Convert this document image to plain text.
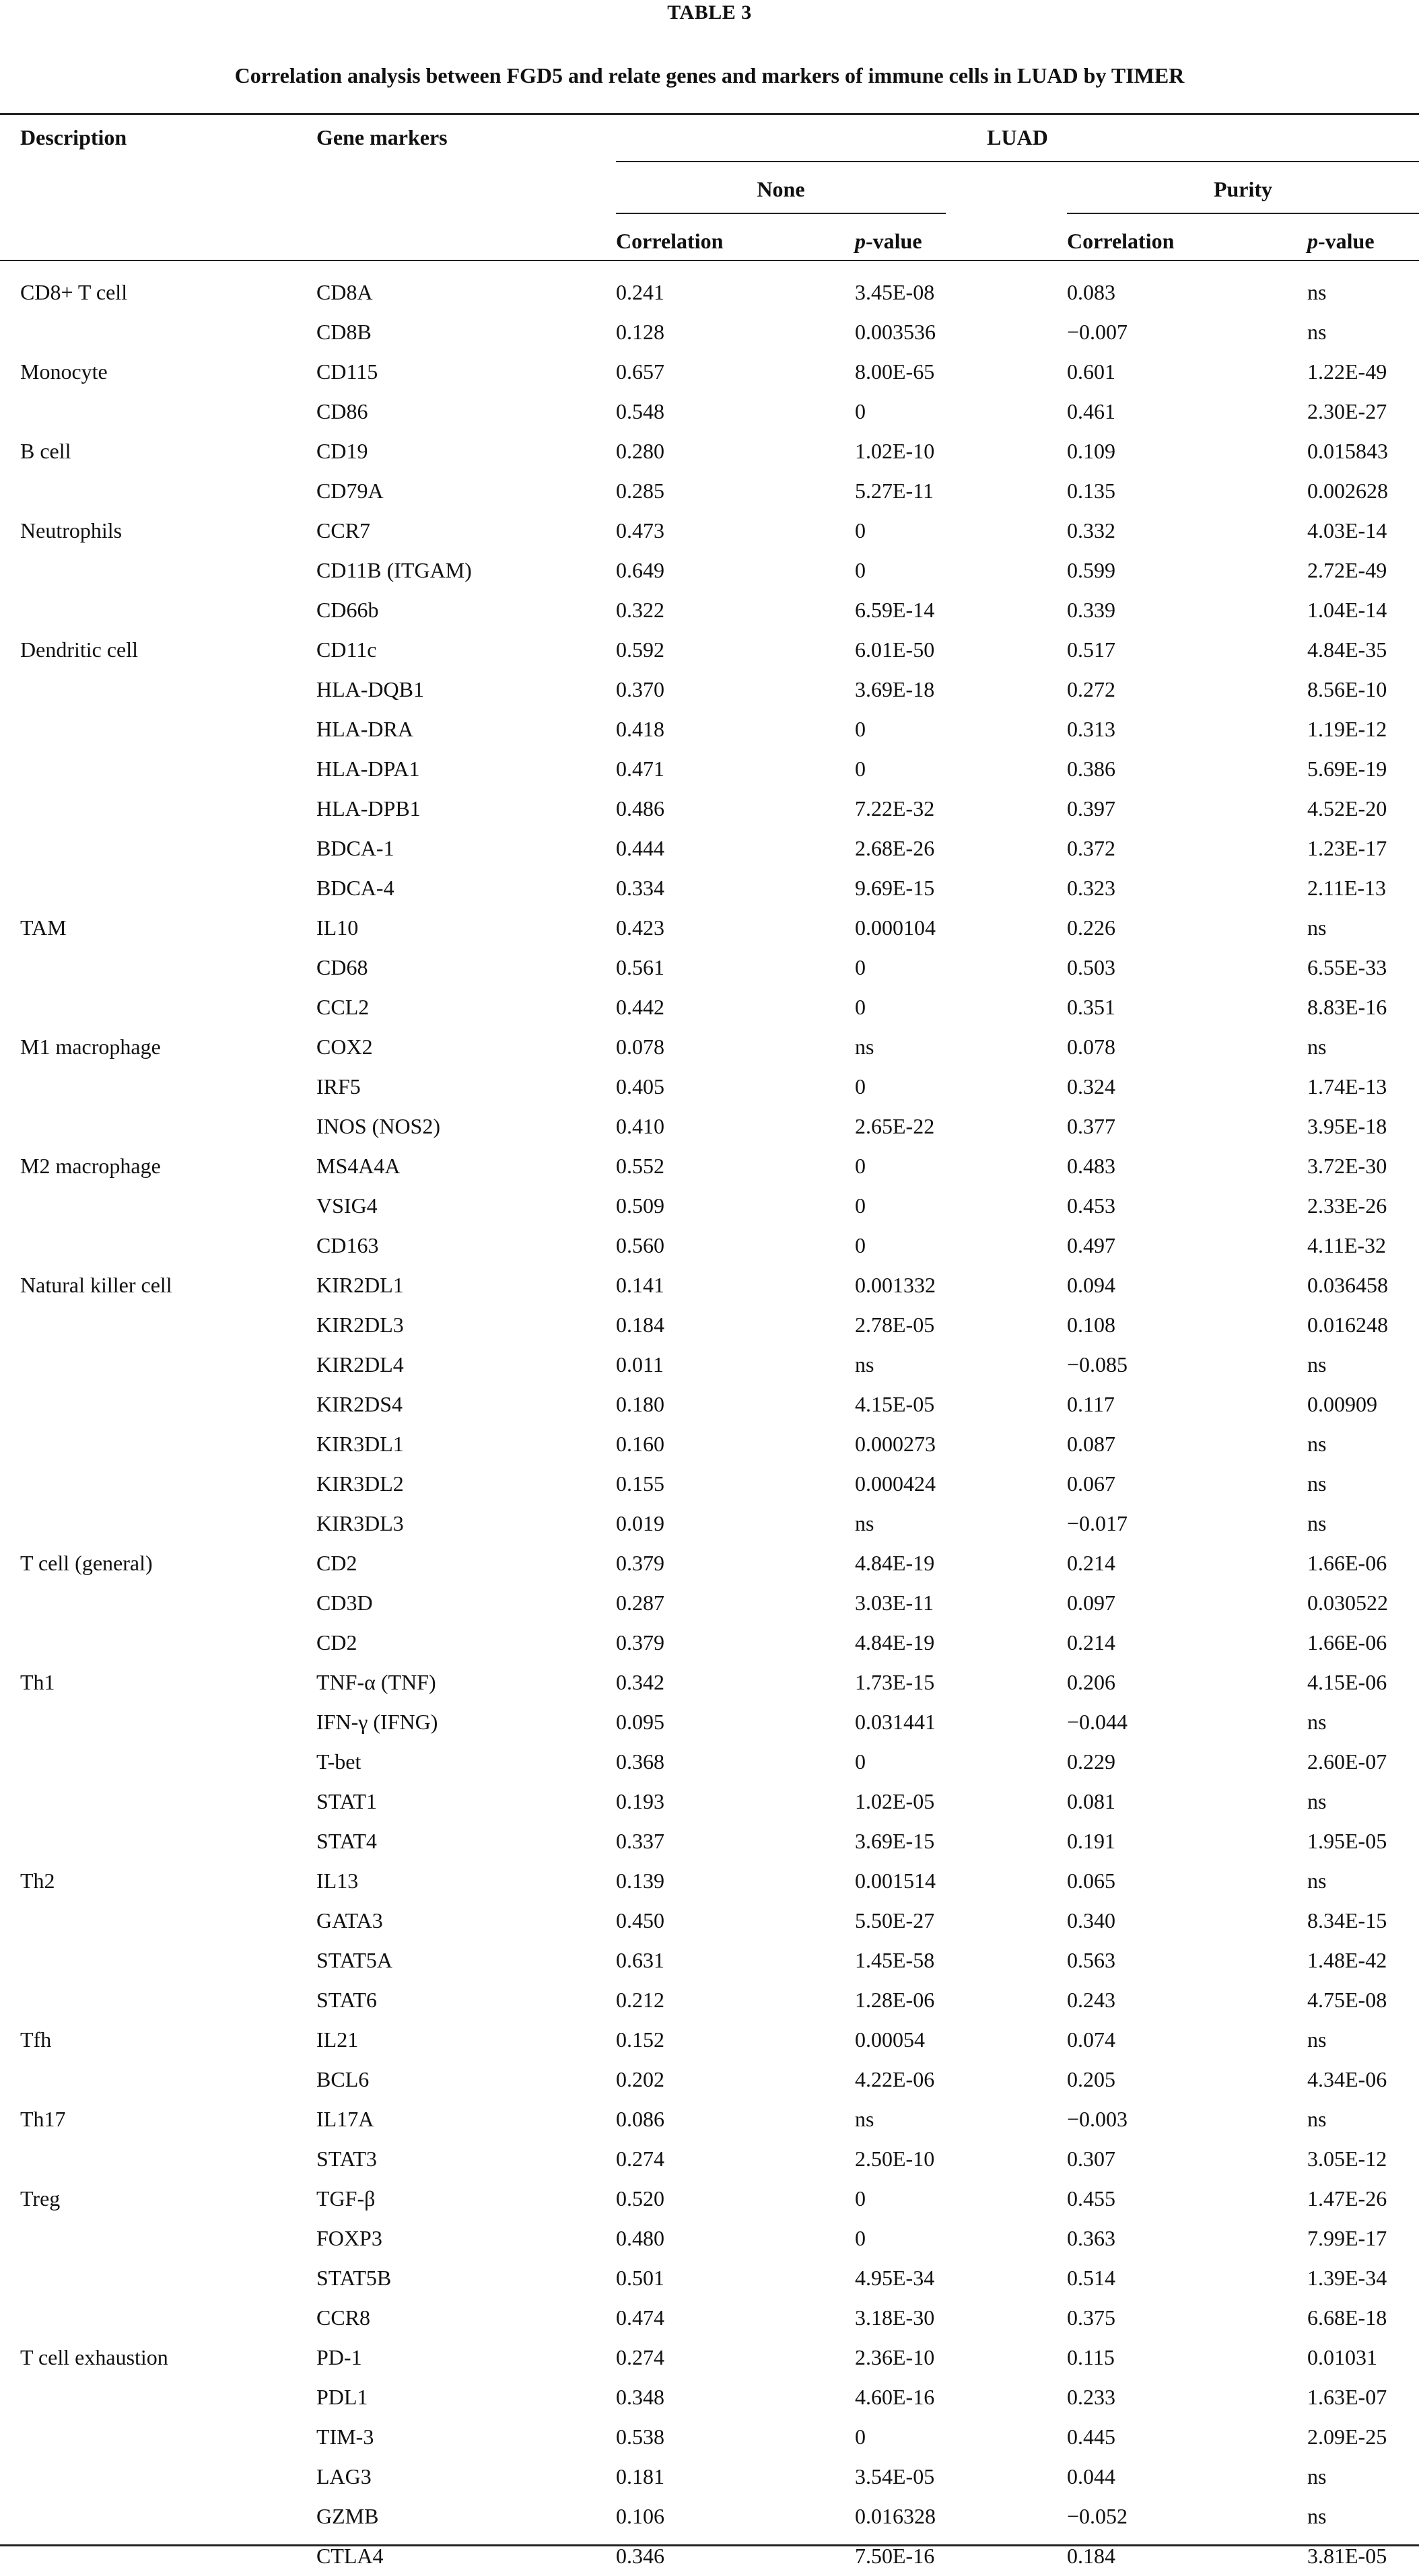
TABLE 3
Correlation analysis between FGD5 and relate genes and markers of immune cells in LUAD by TIMER
Description	Gene markers	LUAD
None	Purity
Correlation	p-value	Correlation	p-value
CD8+ T cell	CD8A	0.241	3.45E-08	0.083	ns
CD8B	0.128	0.003536	−0.007	ns
Monocyte	CD115	0.657	8.00E-65	0.601	1.22E-49
CD86	0.548	0	0.461	2.30E-27
B cell	CD19	0.280	1.02E-10	0.109	0.015843
CD79A	0.285	5.27E-11	0.135	0.002628
Neutrophils	CCR7	0.473	0	0.332	4.03E-14
CD11B (ITGAM)	0.649	0	0.599	2.72E-49
CD66b	0.322	6.59E-14	0.339	1.04E-14
Dendritic cell	CD11c	0.592	6.01E-50	0.517	4.84E-35
HLA-DQB1	0.370	3.69E-18	0.272	8.56E-10
HLA-DRA	0.418	0	0.313	1.19E-12
HLA-DPA1	0.471	0	0.386	5.69E-19
HLA-DPB1	0.486	7.22E-32	0.397	4.52E-20
BDCA-1	0.444	2.68E-26	0.372	1.23E-17
BDCA-4	0.334	9.69E-15	0.323	2.11E-13
TAM	IL10	0.423	0.000104	0.226	ns
CD68	0.561	0	0.503	6.55E-33
CCL2	0.442	0	0.351	8.83E-16
M1 macrophage	COX2	0.078	ns	0.078	ns
IRF5	0.405	0	0.324	1.74E-13
INOS (NOS2)	0.410	2.65E-22	0.377	3.95E-18
M2 macrophage	MS4A4A	0.552	0	0.483	3.72E-30
VSIG4	0.509	0	0.453	2.33E-26
CD163	0.560	0	0.497	4.11E-32
Natural killer cell	KIR2DL1	0.141	0.001332	0.094	0.036458
KIR2DL3	0.184	2.78E-05	0.108	0.016248
KIR2DL4	0.011	ns	−0.085	ns
KIR2DS4	0.180	4.15E-05	0.117	0.00909
KIR3DL1	0.160	0.000273	0.087	ns
KIR3DL2	0.155	0.000424	0.067	ns
KIR3DL3	0.019	ns	−0.017	ns
T cell (general)	CD2	0.379	4.84E-19	0.214	1.66E-06
CD3D	0.287	3.03E-11	0.097	0.030522
CD2	0.379	4.84E-19	0.214	1.66E-06
Th1	TNF-α (TNF)	0.342	1.73E-15	0.206	4.15E-06
IFN-γ (IFNG)	0.095	0.031441	−0.044	ns
T-bet	0.368	0	0.229	2.60E-07
STAT1	0.193	1.02E-05	0.081	ns
STAT4	0.337	3.69E-15	0.191	1.95E-05
Th2	IL13	0.139	0.001514	0.065	ns
GATA3	0.450	5.50E-27	0.340	8.34E-15
STAT5A	0.631	1.45E-58	0.563	1.48E-42
STAT6	0.212	1.28E-06	0.243	4.75E-08
Tfh	IL21	0.152	0.00054	0.074	ns
BCL6	0.202	4.22E-06	0.205	4.34E-06
Th17	IL17A	0.086	ns	−0.003	ns
STAT3	0.274	2.50E-10	0.307	3.05E-12
Treg	TGF-β	0.520	0	0.455	1.47E-26
FOXP3	0.480	0	0.363	7.99E-17
STAT5B	0.501	4.95E-34	0.514	1.39E-34
CCR8	0.474	3.18E-30	0.375	6.68E-18
T cell exhaustion	PD-1	0.274	2.36E-10	0.115	0.01031
PDL1	0.348	4.60E-16	0.233	1.63E-07
TIM-3	0.538	0	0.445	2.09E-25
LAG3	0.181	3.54E-05	0.044	ns
GZMB	0.106	0.016328	−0.052	ns
CTLA4	0.346	7.50E-16	0.184	3.81E-05
